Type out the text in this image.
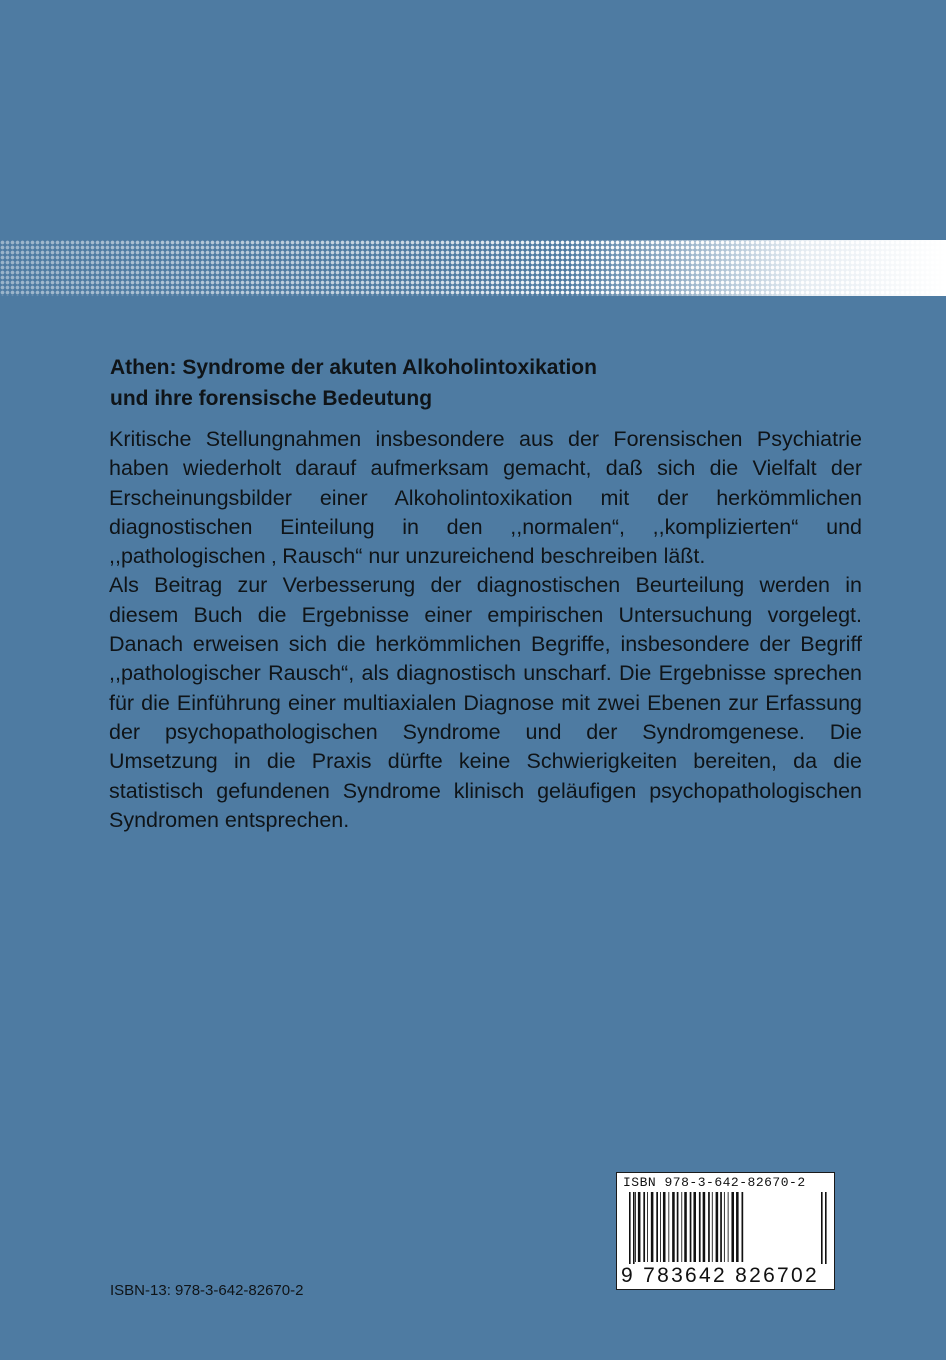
Athen: Syndrome der akuten Alkoholintoxikation
und ihre forensische Bedeutung

Kritische Stellungnahmen insbesondere aus der Forensischen Psychiatrie haben wiederholt darauf aufmerksam gemacht, daß sich die Vielfalt der Erscheinungsbilder einer Alkoholintoxikation mit der herkömmlichen diagnostischen Einteilung in den ,,normalen“, ,,komplizierten“ und ,,pathologischen ‚ Rausch“ nur unzureichend beschreiben läßt.

Als Beitrag zur Verbesserung der diagnostischen Beurteilung werden in diesem Buch die Ergebnisse einer empirischen Untersuchung vorgelegt. Danach erweisen sich die herkömmlichen Begriffe, insbesondere der Begriff ,,pathologischer Rausch“, als diagnostisch unscharf. Die Ergebnisse sprechen für die Einführung einer multiaxialen Diagnose mit zwei Ebenen zur Erfassung der psychopathologischen Syndrome und der Syndromgenese. Die Umsetzung in die Praxis dürfte keine Schwierigkeiten bereiten, da die statistisch gefundenen Syndrome klinisch geläufigen psychopathologischen Syndromen entsprechen.

ISBN 978-3-642-82670-2
9 783642 826702
ISBN-13: 978-3-642-82670-2
